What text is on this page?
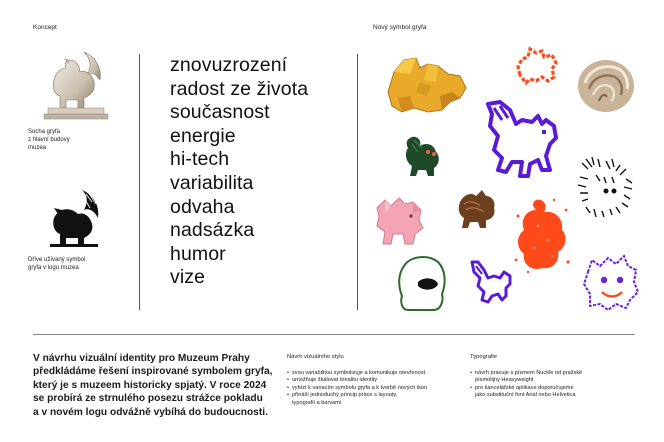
Koncept	Nový symbol gryfa
Socha gryfa
z hlavní budovy
muzea
Dříve užívaný symbol
gryfa v logu muzea
znovuzrození
radost ze života
současnost
energie
hi-tech
variabilita
odvaha
nadsázka
humor
vize
V návrhu vizuální identity pro Muzeum Prahy
předkládáme řešení inspirované symbolem gryfa,
který je s muzeem historicky spjatý. V roce 2024
se probírá ze strnulého posezu strážce pokladu
a v novém logu odvážně vybíhá do budoucnosti.
Návrh vizuálního stylu
• svou variabilitou symbolizuje a komunikuje otevřenost
• umožňuje škálovat tonalitu identity
• vybízí k variacím symbolu gryfa a k tvorbě nových ikon
• přináší jednoduchý princip práce s layouty,
typografií a barvami
Typografie
• návrh pracuje s písmem Nuckle od pražské
písmolijny Heavyweight
• pro kancelářské aplikace doporučujeme
jako substituční font Arial nebo Helvetica
